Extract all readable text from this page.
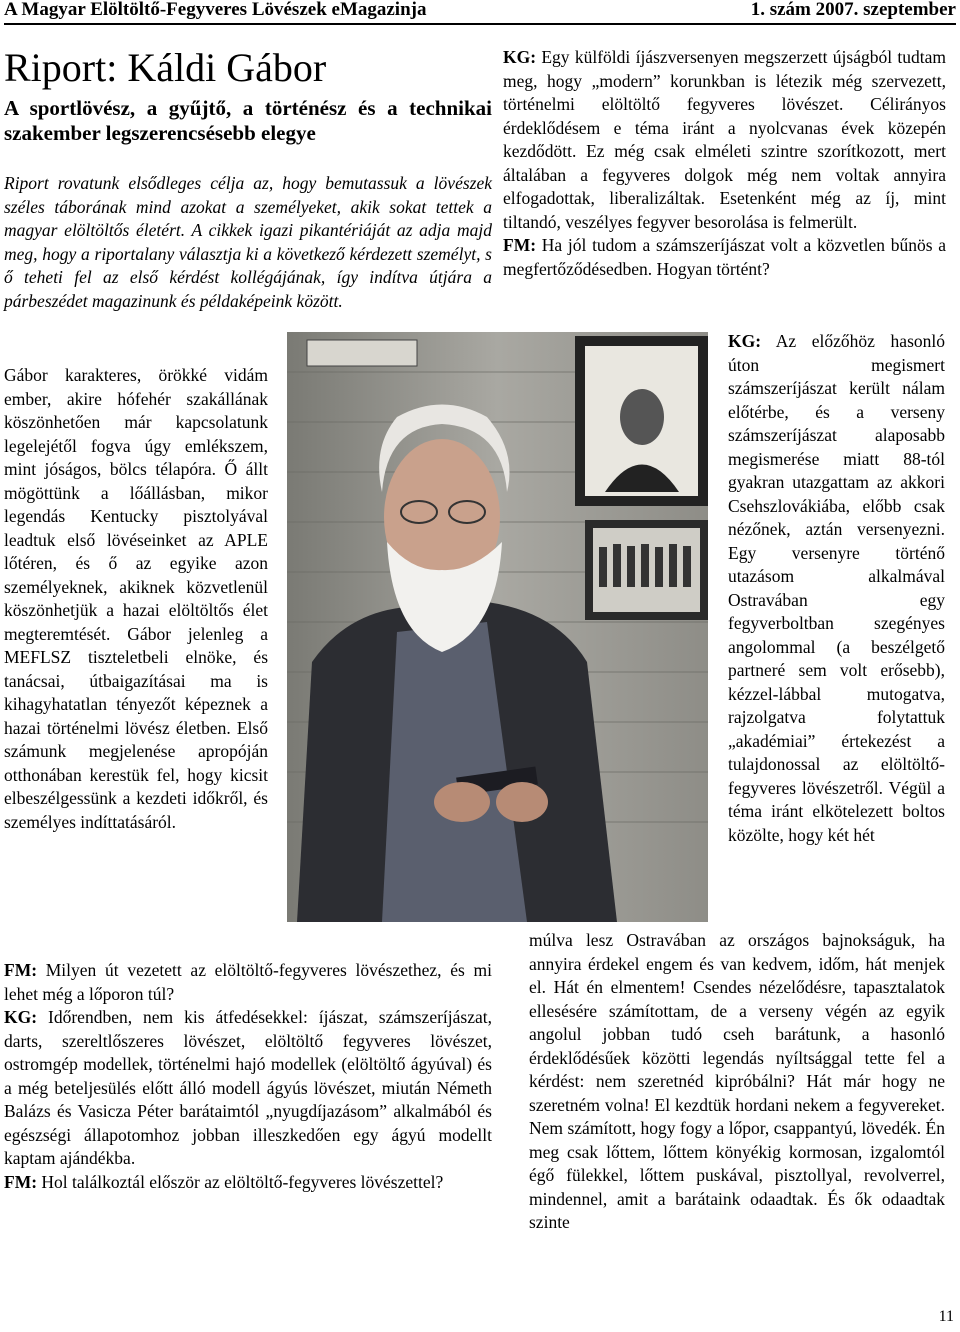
A Magyar Elöltöltő-Fegyveres Lövészek eMagazinja	1. szám 2007. szeptember
Riport: Káldi Gábor
A sportlövész, a gyűjtő, a történész és a technikai szakember legszerencsésebb elegye

Riport rovatunk elsődleges célja az, hogy bemutassuk a lövészek széles táborának mind azokat a személyeket, akik sokat tettek a magyar elöltöltős életért. A cikkek igazi pikantériáját az adja majd meg, hogy a riportalany választja ki a következő kérdezett személyt, s ő teheti fel az első kérdést kollégájának, így indítva útjára a párbeszédet magazinunk és példaképeink között.

KG: Egy külföldi íjászversenyen megszerzett újságból tudtam meg, hogy „modern” korunkban is létezik még szervezett, történelmi elöltöltő fegyveres lövészet. Célirányos érdeklődésem e téma iránt a nyolcvanas évek közepén kezdődött. Ez még csak elméleti szintre szorítkozott, mert általában a fegyveres dolgok még nem voltak annyira elfogadottak, liberalizáltak. Esetenként még az íj, mint tiltandó, veszélyes fegyver besorolása is felmerült.

FM: Ha jól tudom a számszeríjászat volt a közvetlen bűnös a megfertőződésedben. Hogyan történt?

Gábor karakteres, örökké vidám ember, akire hófehér szakállának köszönhetően már kapcsolatunk legelejétől fogva úgy emlékszem, mint jóságos, bölcs télapóra. Ő állt mögöttünk a lőállásban, mikor legendás Kentucky pisztolyával leadtuk első lövéseinket az APLE lőtéren, és ő az egyike azon személyeknek, akiknek közvetlenül köszönhetjük a hazai elöltöltős élet megteremtését. Gábor jelenleg a MEFLSZ tiszteletbeli elnöke, és tanácsai, útbaigazításai ma is kihagyhatatlan tényezőt képeznek a hazai történelmi lövész életben. Első számunk megjelenése apropóján otthonában kerestük fel, hogy kicsit elbeszélgessünk a kezdeti időkről, és személyes indíttatásáról.

KG: Az előzőhöz hasonló úton megismert számszeríjászat került nálam előtérbe, és a verseny számszeríjászat alaposabb megismerése miatt 88-tól gyakran utazgattam az akkori Csehszlovákiába, előbb csak nézőnek, aztán versenyezni. Egy versenyre történő utazásom alkalmával Ostravában egy fegyverboltban szegényes angolommal (a beszélgető partneré sem volt erősebb), kézzel-lábbal mutogatva, rajzolgatva folytattuk „akadémiai” értekezést a tulajdonossal az elöltöltő-fegyveres lövészetről. Végül a téma iránt elkötelezett boltos közölte, hogy két hét

múlva lesz Ostravában az országos bajnokságuk, ha annyira érdekel engem és van kedvem, időm, hát menjek el. Hát én elmentem! Csendes nézelődésre, tapasztalatok ellesésére számítottam, de a verseny végén az egyik angolul jobban tudó cseh barátunk, a hasonló érdeklődésűek közötti legendás nyíltsággal tette fel a kérdést: nem szeretnéd kipróbálni? Hát már hogy ne szeretném volna! El kezdtük hordani nekem a fegyvereket. Nem számított, hogy fogy a lőpor, csappantyú, lövedék. Én meg csak lőttem, lőttem könyékig kormosan, izgalomtól égő fülekkel, lőttem puskával, pisztollyal, revolverrel, mindennel, amit a barátaink odaadtak. És ők odaadtak szinte

FM: Milyen út vezetett az elöltöltő-fegyveres lövészethez, és mi lehet még a lőporon túl?

KG: Időrendben, nem kis átfedésekkel: íjászat, számszeríjászat, darts, szereltlőszeres lövészet, elöltöltő fegyveres lövészet, ostromgép modellek, történelmi hajó modellek (elöltöltő ágyúval) és a még beteljesülés előtt álló modell ágyús lövészet, miután Németh Balázs és Vasicza Péter barátaimtól „nyugdíjazásom” alkalmából és egészségi állapotomhoz jobban illeszkedően egy ágyú modellt kaptam ajándékba.

FM: Hol találkoztál először az elöltöltő-fegyveres lövészettel?

11
